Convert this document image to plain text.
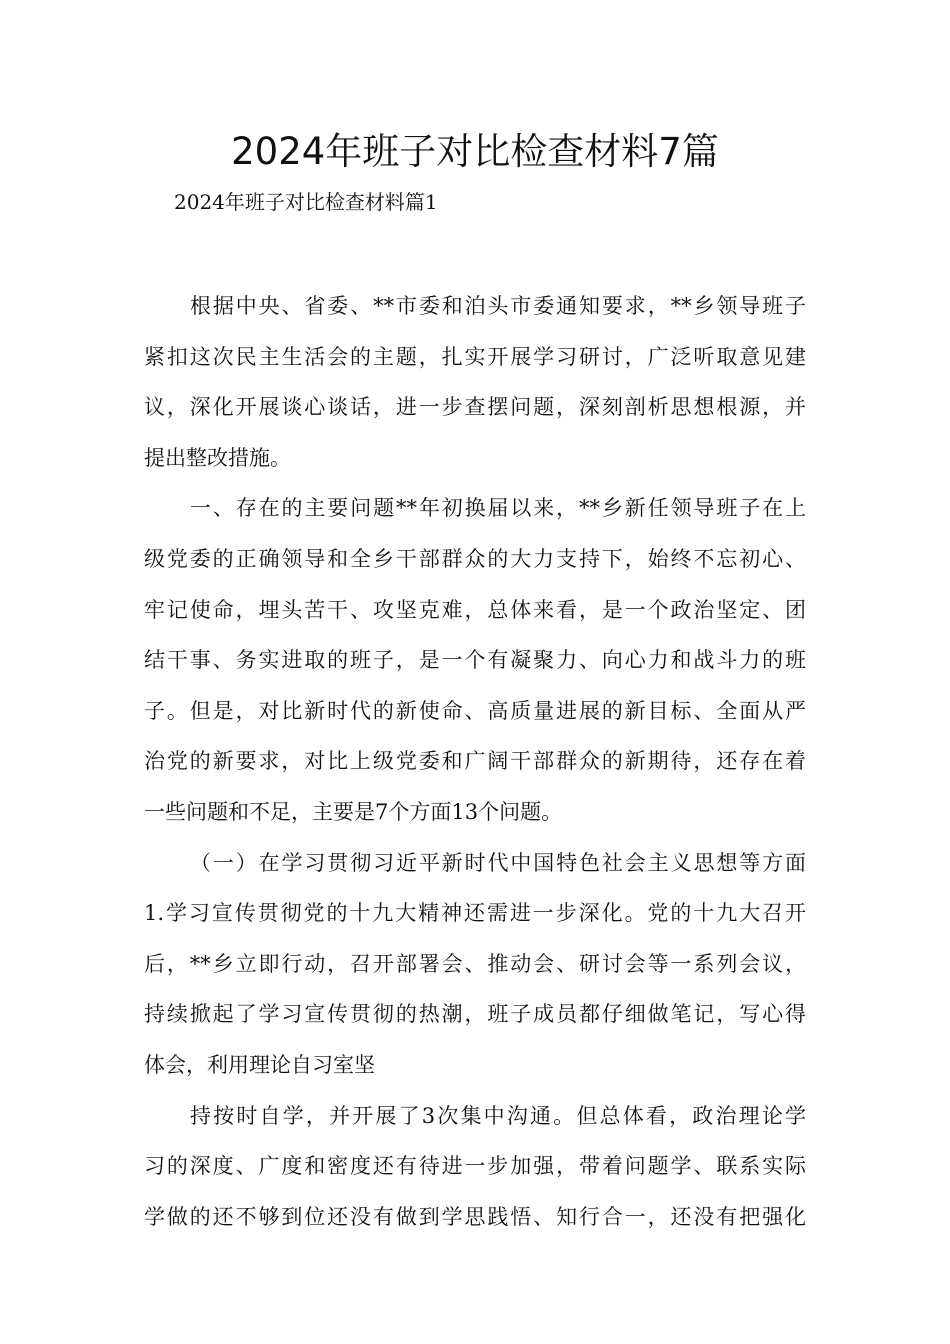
2024年班子对比检查材料7篇

2024年班子对比检查材料篇1

根据中央、省委、**市委和泊头市委通知要求，**乡领导班子
紧扣这次民主生活会的主题，扎实开展学习研讨，广泛听取意见建
议，深化开展谈心谈话，进一步查摆问题，深刻剖析思想根源，并
提出整改措施。
一、存在的主要问题**年初换届以来，**乡新任领导班子在上
级党委的正确领导和全乡干部群众的大力支持下，始终不忘初心、
牢记使命，埋头苦干、攻坚克难，总体来看，是一个政治坚定、团
结干事、务实进取的班子，是一个有凝聚力、向心力和战斗力的班
子。但是，对比新时代的新使命、高质量进展的新目标、全面从严
治党的新要求，对比上级党委和广阔干部群众的新期待，还存在着
一些问题和不足，主要是7个方面13个问题。
（一）在学习贯彻习近平新时代中国特色社会主义思想等方面
1.学习宣传贯彻党的十九大精神还需进一步深化。党的十九大召开
后，**乡立即行动，召开部署会、推动会、研讨会等一系列会议，
持续掀起了学习宣传贯彻的热潮，班子成员都仔细做笔记，写心得
体会，利用理论自习室坚
持按时自学，并开展了3次集中沟通。但总体看，政治理论学
习的深度、广度和密度还有待进一步加强，带着问题学、联系实际
学做的还不够到位还没有做到学思践悟、知行合一，还没有把强化
